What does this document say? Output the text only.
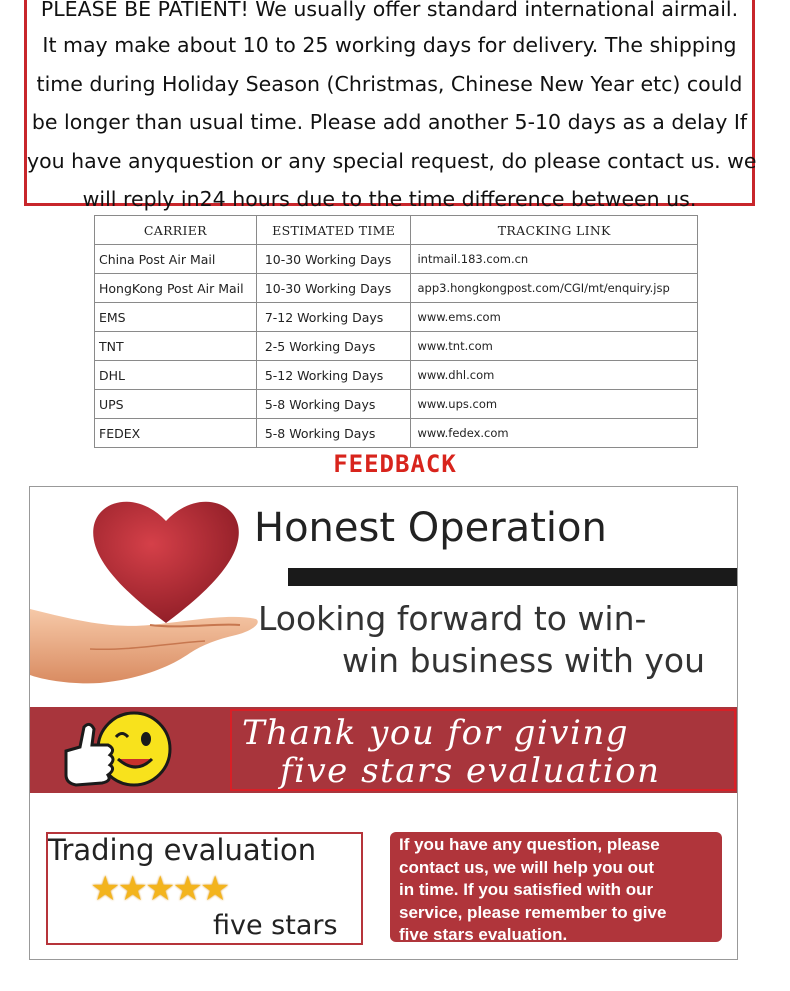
PLEASE BE PATIENT! We usually offer standard international airmail.
It may make about 10 to 25 working days for delivery. The shipping
time during Holiday Season (Christmas, Chinese New Year etc) could
be longer than usual time. Please add another 5-10 days as a delay If
you have anyquestion or any special request, do please contact us. we
will reply in24 hours due to the time difference between us.
CARRIER	ESTIMATED TIME	TRACKING LINK
China Post Air Mail	10-30 Working Days	intmail.183.com.cn
HongKong Post Air Mail	10-30 Working Days	app3.hongkongpost.com/CGI/mt/enquiry.jsp
EMS	7-12 Working Days	www.ems.com
TNT	2-5 Working Days	www.tnt.com
DHL	5-12 Working Days	www.dhl.com
UPS	5-8 Working Days	www.ups.com
FEDEX	5-8 Working Days	www.fedex.com
FEEDBACK
Honest Operation
Looking forward to win-
win business with you
Thank you for giving
five stars evaluation
Trading evaluation
★★★★★
five stars
If you have any question, please
contact us, we will help you out
in time. If you satisfied with our
service, please remember to give
five stars evaluation.
